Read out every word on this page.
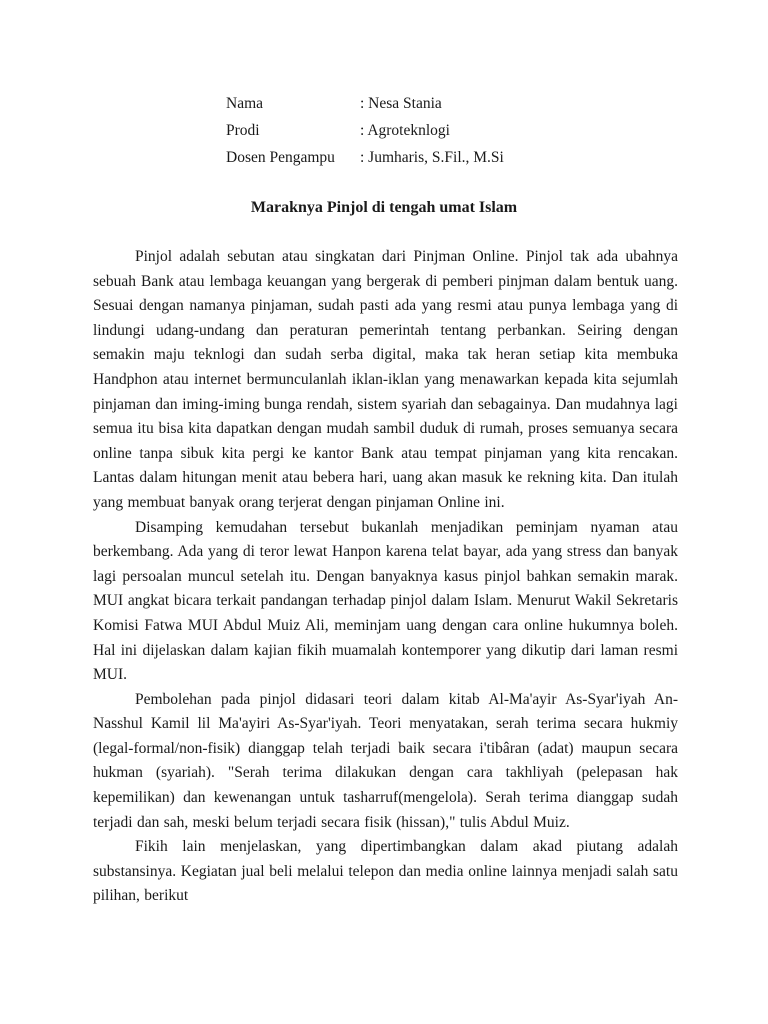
Nama	: Nesa Stania
Prodi	: Agroteknlogi
Dosen Pengampu	: Jumharis, S.Fil., M.Si
Maraknya Pinjol di tengah umat Islam

Pinjol adalah sebutan atau singkatan dari Pinjman Online. Pinjol tak ada ubahnya sebuah Bank atau lembaga keuangan yang bergerak di pemberi pinjman dalam bentuk uang. Sesuai dengan namanya pinjaman, sudah pasti ada yang resmi atau punya lembaga yang di lindungi udang-undang dan peraturan pemerintah tentang perbankan. Seiring dengan semakin maju teknlogi dan sudah serba digital, maka tak heran setiap kita membuka Handphon atau internet bermunculanlah iklan-iklan yang menawarkan kepada kita sejumlah pinjaman dan iming-iming bunga rendah, sistem syariah dan sebagainya. Dan mudahnya lagi semua itu bisa kita dapatkan dengan mudah sambil duduk di rumah, proses semuanya secara online tanpa sibuk kita pergi ke kantor Bank atau tempat pinjaman yang kita rencakan. Lantas dalam hitungan menit atau bebera hari, uang akan masuk ke rekning kita. Dan itulah yang membuat banyak orang terjerat dengan pinjaman Online ini.

Disamping kemudahan tersebut bukanlah menjadikan peminjam nyaman atau berkembang. Ada yang di teror lewat Hanpon karena telat bayar, ada yang stress dan banyak lagi persoalan muncul setelah itu. Dengan banyaknya kasus pinjol bahkan semakin marak. MUI angkat bicara terkait pandangan terhadap pinjol dalam Islam. Menurut Wakil Sekretaris Komisi Fatwa MUI Abdul Muiz Ali, meminjam uang dengan cara online hukumnya boleh. Hal ini dijelaskan dalam kajian fikih muamalah kontemporer yang dikutip dari laman resmi MUI.

Pembolehan pada pinjol didasari teori dalam kitab Al-Ma'ayir As-Syar'iyah An-Nasshul Kamil lil Ma'ayiri As-Syar'iyah. Teori menyatakan, serah terima secara hukmiy (legal-formal/non-fisik) dianggap telah terjadi baik secara i'tibâran (adat) maupun secara hukman (syariah). "Serah terima dilakukan dengan cara takhliyah (pelepasan hak kepemilikan) dan kewenangan untuk tasharruf(mengelola). Serah terima dianggap sudah terjadi dan sah, meski belum terjadi secara fisik (hissan)," tulis Abdul Muiz.

Fikih lain menjelaskan, yang dipertimbangkan dalam akad piutang adalah substansinya. Kegiatan jual beli melalui telepon dan media online lainnya menjadi salah satu pilihan, berikut
